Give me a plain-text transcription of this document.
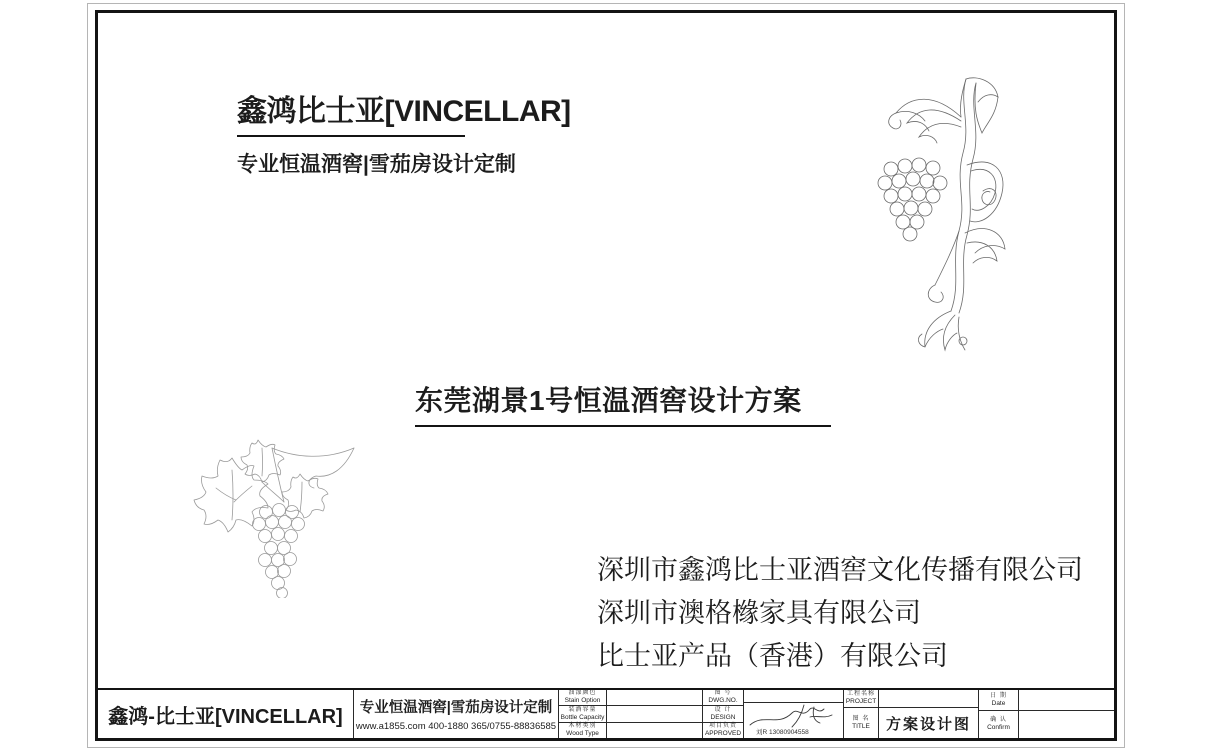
鑫鸿比士亚[VINCELLAR]
专业恒温酒窖|雪茄房设计定制
东莞湖景1号恒温酒窖设计方案
深圳市鑫鸿比士亚酒窖文化传播有限公司
深圳市澳格橼家具有限公司
比士亚产品（香港）有限公司
鑫鸿-比士亚[VINCELLAR] 专业恒温酒窖|雪茄房设计定制
www.a1855.com 400-1880 365/0755-88836585
油漆颜色
Stain Option
装酒容量
Bottle Capacity
木材类别
Wood Type
图 号
DWG.NO.
设 计
DESIGN
项目负责
APPROVED 刘R 13080904558
工程名称
PROJECT
图 名
TITLE	方案设计图
日 期
Date
确 认
Confirm
